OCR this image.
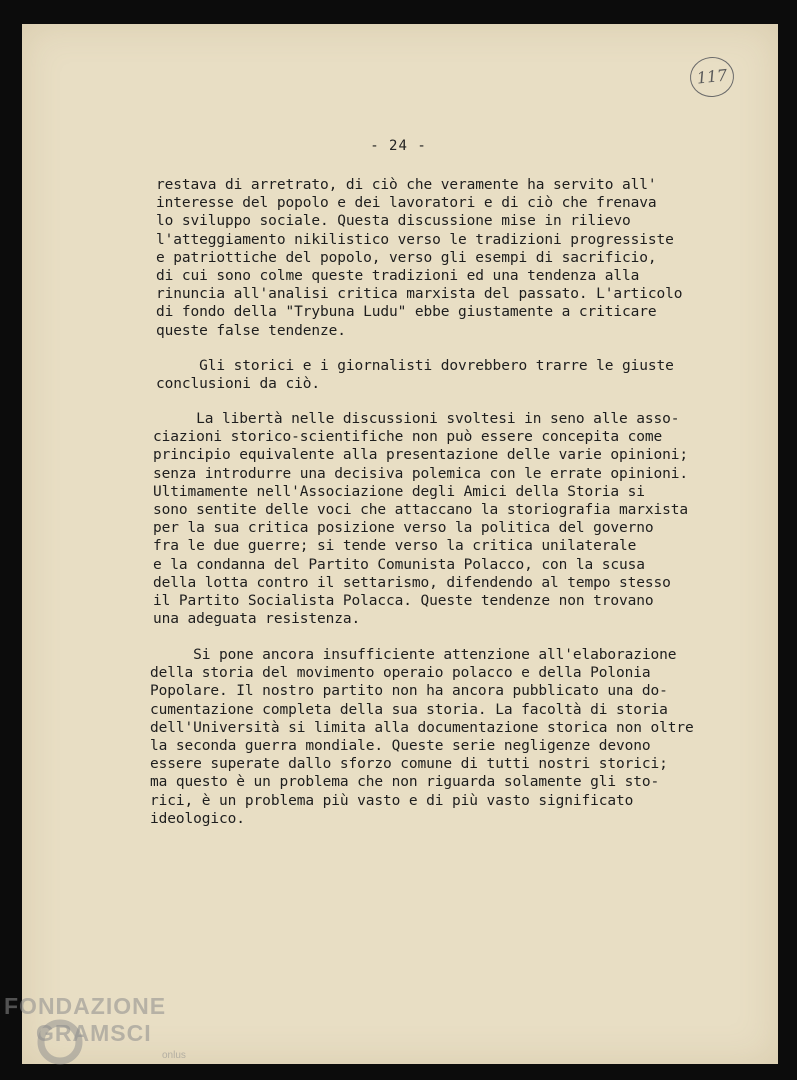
117
- 24 -
restava di arretrato, di ciò che veramente ha servito all'
interesse del popolo e dei lavoratori e di ciò che frenava
lo sviluppo sociale. Questa discussione mise in rilievo
l'atteggiamento nikilistico verso le tradizioni progressiste
e patriottiche del popolo, verso gli esempi di sacrificio,
di cui sono colme queste tradizioni ed una tendenza alla
rinuncia all'analisi critica marxista del passato. L'articolo
di fondo della "Trybuna Ludu" ebbe giustamente a criticare
queste false tendenze.
Gli storici e i giornalisti dovrebbero trarre le giuste
conclusioni da ciò.
La libertà nelle discussioni svoltesi in seno alle asso-
ciazioni storico-scientifiche non può essere concepita come
principio equivalente alla presentazione delle varie opinioni;
senza introdurre una decisiva polemica con le errate opinioni.
Ultimamente nell'Associazione degli Amici della Storia si
sono sentite delle voci che attaccano la storiografia marxista
per la sua critica posizione verso la politica del governo
fra le due guerre; si tende verso la critica unilaterale
e la condanna del Partito Comunista Polacco, con la scusa
della lotta contro il settarismo, difendendo al tempo stesso
il Partito Socialista Polacca. Queste tendenze non trovano
una adeguata resistenza.
Si pone ancora insufficiente attenzione all'elaborazione
della storia del movimento operaio polacco e della Polonia
Popolare. Il nostro partito non ha ancora pubblicato una do-
cumentazione completa della sua storia. La facoltà di storia
dell'Università si limita alla documentazione storica non oltre
la seconda guerra mondiale. Queste serie negligenze devono
essere superate dallo sforzo comune di tutti nostri storici;
ma questo è un problema che non riguarda solamente gli sto-
rici, è un problema più vasto e di più vasto significato
ideologico.
FONDAZIONE
GRAMSCI
onlus
